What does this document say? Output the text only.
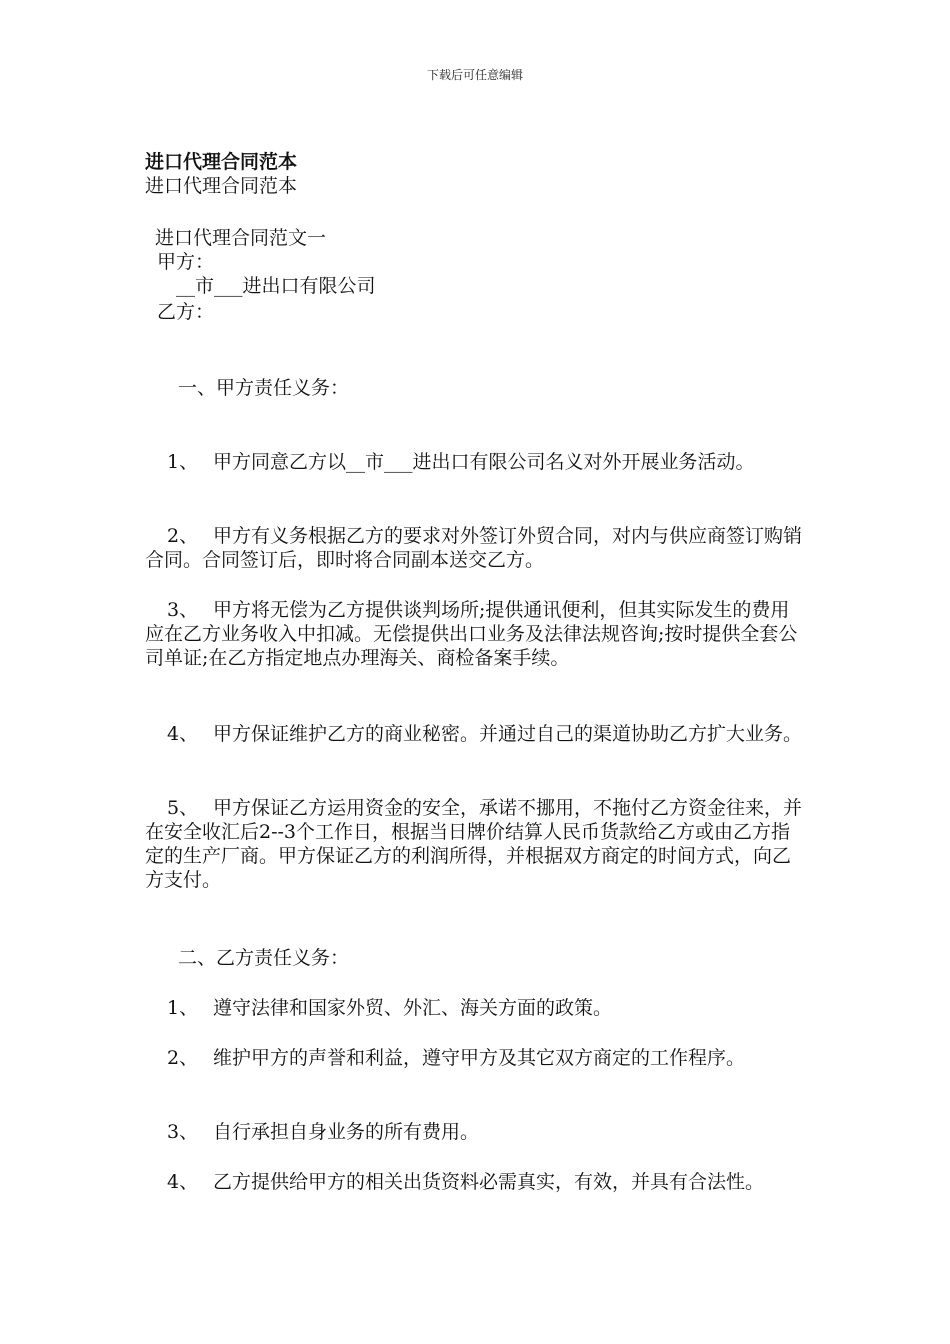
下载后可任意编辑
进口代理合同范本
进口代理合同范本
进口代理合同范文一
甲方：
__市___进出口有限公司
乙方：
一、甲方责任义务：
1、 甲方同意乙方以__市___进出口有限公司名义对外开展业务活动。
2、 甲方有义务根据乙方的要求对外签订外贸合同，对内与供应商签订购销合同。合同签订后，即时将合同副本送交乙方。
3、 甲方将无偿为乙方提供谈判场所;提供通讯便利，但其实际发生的费用应在乙方业务收入中扣减。无偿提供出口业务及法律法规咨询;按时提供全套公司单证;在乙方指定地点办理海关、商检备案手续。
4、 甲方保证维护乙方的商业秘密。并通过自己的渠道协助乙方扩大业务。
5、 甲方保证乙方运用资金的安全，承诺不挪用，不拖付乙方资金往来，并在安全收汇后2--3个工作日，根据当日牌价结算人民币货款给乙方或由乙方指定的生产厂商。甲方保证乙方的利润所得，并根据双方商定的时间方式，向乙方支付。
二、乙方责任义务：
1、 遵守法律和国家外贸、外汇、海关方面的政策。
2、 维护甲方的声誉和利益，遵守甲方及其它双方商定的工作程序。
3、 自行承担自身业务的所有费用。
4、 乙方提供给甲方的相关出货资料必需真实，有效，并具有合法性。
